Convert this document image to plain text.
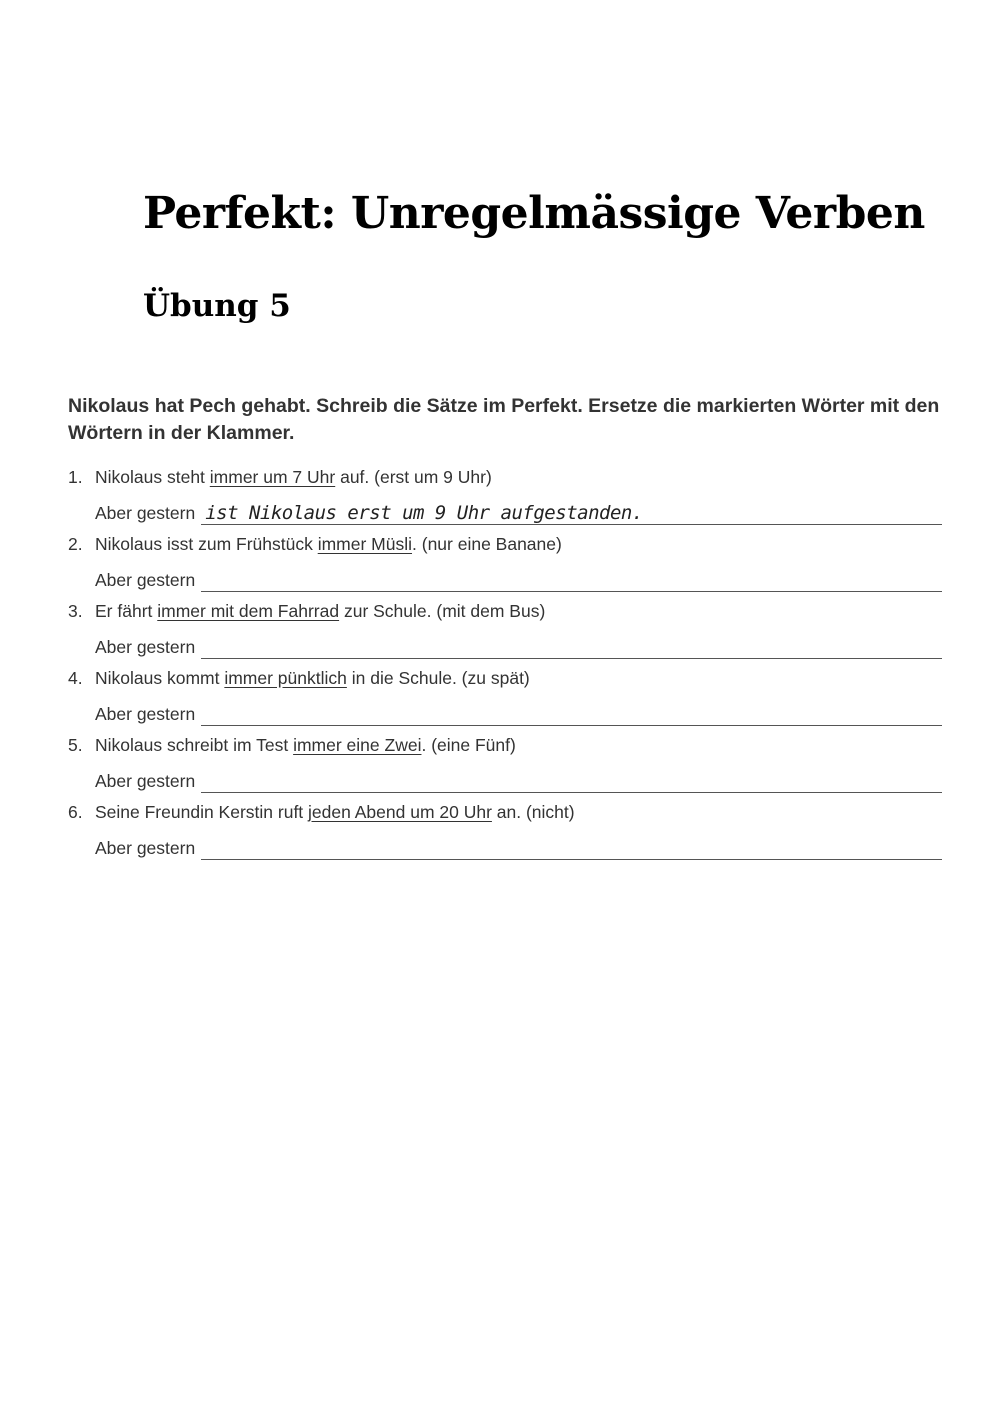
Perfekt: Unregelmässige Verben
Übung 5

Nikolaus hat Pech gehabt. Schreib die Sätze im Perfekt. Ersetze die markierten Wörter mit den Wörtern in der Klammer.

1. Nikolaus steht immer um 7 Uhr auf. (erst um 9 Uhr)
Aber gestern ist Nikolaus erst um 9 Uhr aufgestanden.
2. Nikolaus isst zum Frühstück immer Müsli. (nur eine Banane)
Aber gestern
3. Er fährt immer mit dem Fahrrad zur Schule. (mit dem Bus)
Aber gestern
4. Nikolaus kommt immer pünktlich in die Schule. (zu spät)
Aber gestern
5. Nikolaus schreibt im Test immer eine Zwei. (eine Fünf)
Aber gestern
6. Seine Freundin Kerstin ruft jeden Abend um 20 Uhr an. (nicht)
Aber gestern
